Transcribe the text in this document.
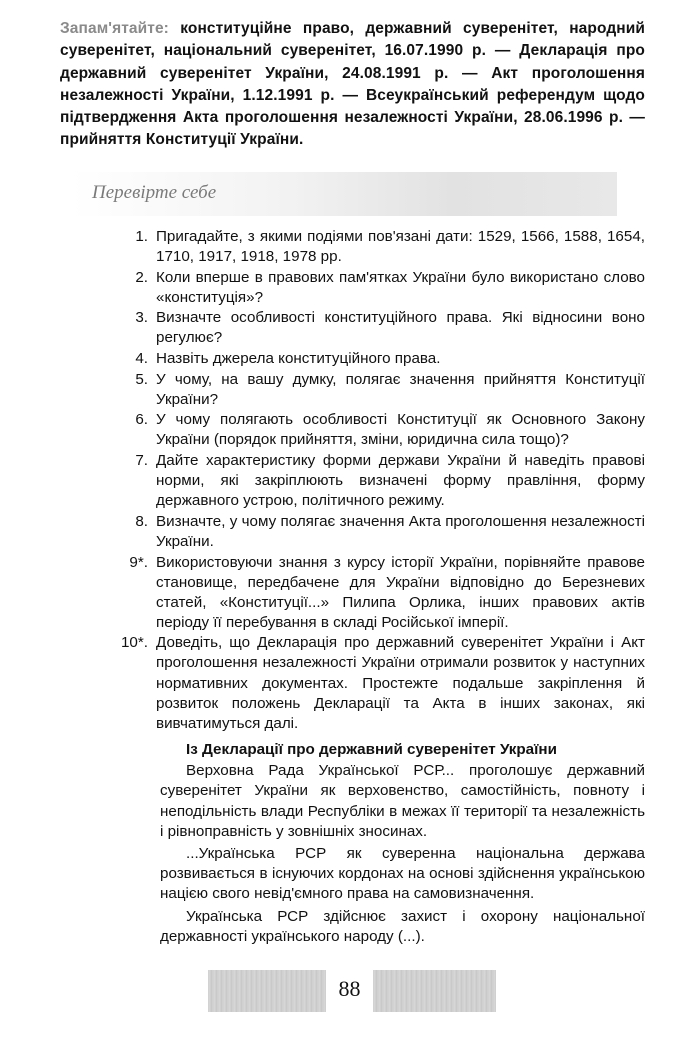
Запам'ятайте: конституційне право, державний суверенітет, народний суверенітет, національний суверенітет, 16.07.1990 р. — Декларація про державний суверенітет України, 24.08.1991 р. — Акт проголошення незалежності України, 1.12.1991 р. — Всеукраїнський референдум щодо підтвердження Акта проголошення незалежності України, 28.06.1996 р. — прийняття Конституції України.
Перевірте себе
1. Пригадайте, з якими подіями пов'язані дати: 1529, 1566, 1588, 1654, 1710, 1917, 1918, 1978 рр.
2. Коли вперше в правових пам'ятках України було використано слово «конституція»?
3. Визначте особливості конституційного права. Які відносини воно регулює?
4. Назвіть джерела конституційного права.
5. У чому, на вашу думку, полягає значення прийняття Конституції України?
6. У чому полягають особливості Конституції як Основного Закону України (порядок прийняття, зміни, юридична сила тощо)?
7. Дайте характеристику форми держави України й наведіть правові норми, які закріплюють визначені форму правління, форму державного устрою, політичного режиму.
8. Визначте, у чому полягає значення Акта проголошення незалежності України.
9*. Використовуючи знання з курсу історії України, порівняйте правове становище, передбачене для України відповідно до Березневих статей, «Конституції...» Пилипа Орлика, інших правових актів періоду її перебування в складі Російської імперії.
10*. Доведіть, що Декларація про державний суверенітет України і Акт проголошення незалежності України отримали розвиток у наступних нормативних документах. Простежте подальше закріплення й розвиток положень Декларації та Акта в інших законах, які вивчатимуться далі.
Із Декларації про державний суверенітет України

Верховна Рада Української РСР... проголошує державний суверенітет України як верховенство, самостійність, повноту і неподільність влади Республіки в межах її території та незалежність і рівноправність у зовнішніх зносинах.

...Українська РСР як суверенна національна держава розвивається в існуючих кордонах на основі здійснення українською нацією свого невід'ємного права на самовизначення.

Українська РСР здійснює захист і охорону національної державності українського народу (...).

88
